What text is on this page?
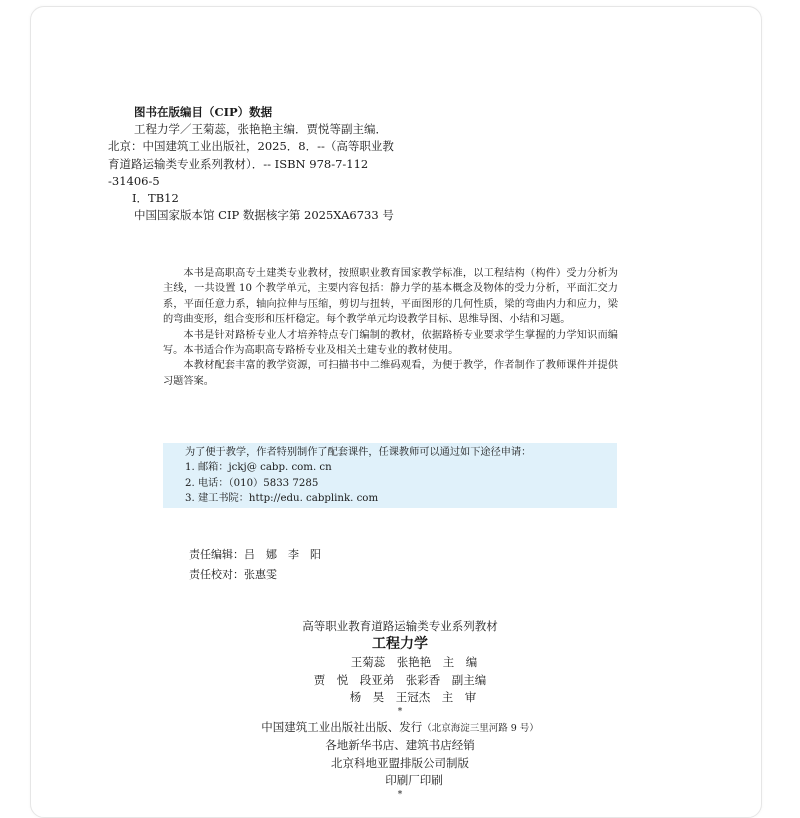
图书在版编目（CIP）数据
工程力学／王菊蕊，张艳艳主编．贾悦等副主编．
北京：中国建筑工业出版社，2025．8．--（高等职业教
育道路运输类专业系列教材）．-- ISBN 978-7-112
-31406-5
Ⅰ．TB12
中国国家版本馆 CIP 数据核字第 2025XA6733 号

本书是高职高专土建类专业教材，按照职业教育国家教学标准，以工程结构（构件）受力分析为主线，一共设置 10 个教学单元，主要内容包括：静力学的基本概念及物体的受力分析，平面汇交力系，平面任意力系，轴向拉伸与压缩，剪切与扭转，平面图形的几何性质，梁的弯曲内力和应力，梁的弯曲变形，组合变形和压杆稳定。每个教学单元均设教学目标、思维导图、小结和习题。

本书是针对路桥专业人才培养特点专门编制的教材，依据路桥专业要求学生掌握的力学知识而编写。本书适合作为高职高专路桥专业及相关土建专业的教材使用。

本教材配套丰富的教学资源，可扫描书中二维码观看，为便于教学，作者制作了教师课件并提供习题答案。

为了便于教学，作者特别制作了配套课件，任课教师可以通过如下途径申请：
1. 邮箱：jckj@ cabp. com. cn
2. 电话：（010）5833 7285
3. 建工书院：http://edu. cabplink. com
责任编辑：吕　娜　李　阳
责任校对：张惠雯
高等职业教育道路运输类专业系列教材
工程力学
王菊蕊　张艳艳　主　编
贾　悦　段亚弟　张彩香　副主编
杨　昊　王冠杰　主　审
*
中国建筑工业出版社出版、发行（北京海淀三里河路 9 号）
各地新华书店、建筑书店经销
北京科地亚盟排版公司制版
印刷厂印刷
*
